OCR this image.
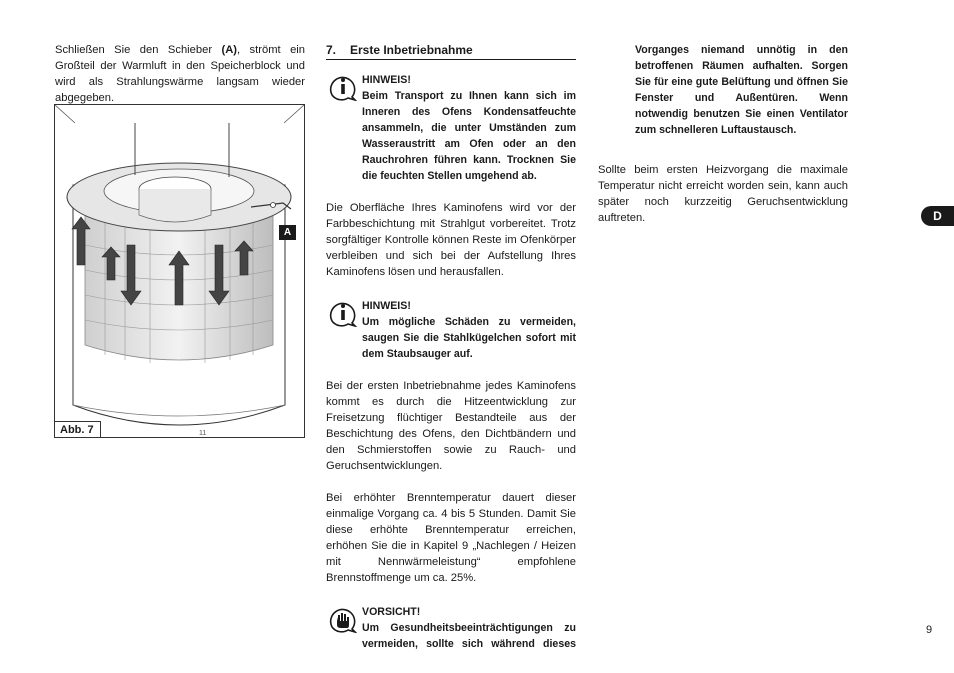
Schließen Sie den Schieber (A), strömt ein Großteil der Warmluft in den Speicherblock und wird als Strahlungswärme langsam wieder abgegeben.

11
A
Abb. 7
7. Erste Inbetriebnahme
HINWEIS!
Beim Transport zu Ihnen kann sich im Inneren des Ofens Kondensatfeuchte ansammeln, die unter Umständen zum Wasseraustritt am Ofen oder an den Rauchrohren führen kann. Trocknen Sie die feuchten Stellen umgehend ab.

Die Oberfläche Ihres Kaminofens wird vor der Farbbeschichtung mit Strahlgut vorbereitet. Trotz sorgfältiger Kontrolle können Reste im Ofenkörper verbleiben und sich bei der Aufstellung Ihres Kaminofens lösen und herausfallen.

HINWEIS!
Um mögliche Schäden zu vermeiden, saugen Sie die Stahlkügelchen sofort mit dem Staubsauger auf.

Bei der ersten Inbetriebnahme jedes Kaminofens kommt es durch die Hitzeentwicklung zur Freisetzung flüchtiger Bestandteile aus der Beschichtung des Ofens, den Dichtbändern und den Schmierstoffen sowie zu Rauch- und Geruchsentwicklungen.

Bei erhöhter Brenntemperatur dauert dieser einmalige Vorgang ca. 4 bis 5 Stunden. Damit Sie diese erhöhte Brenntemperatur erreichen, erhöhen Sie die in Kapitel 9 „Nachlegen / Heizen mit Nennwärmeleistung“ empfohlene Brennstoffmenge um ca. 25%.

VORSICHT!
Um Gesundheitsbeeinträchtigungen zu vermeiden, sollte sich während dieses
Vorganges niemand unnötig in den betroffenen Räumen aufhalten. Sorgen Sie für eine gute Belüftung und öffnen Sie Fenster und Außentüren. Wenn notwendig benutzen Sie einen Ventilator zum schnelleren Luftaustausch.

Sollte beim ersten Heizvorgang die maximale Temperatur nicht erreicht worden sein, kann auch später noch kurzzeitig Geruchsentwicklung auftreten.	D
9
